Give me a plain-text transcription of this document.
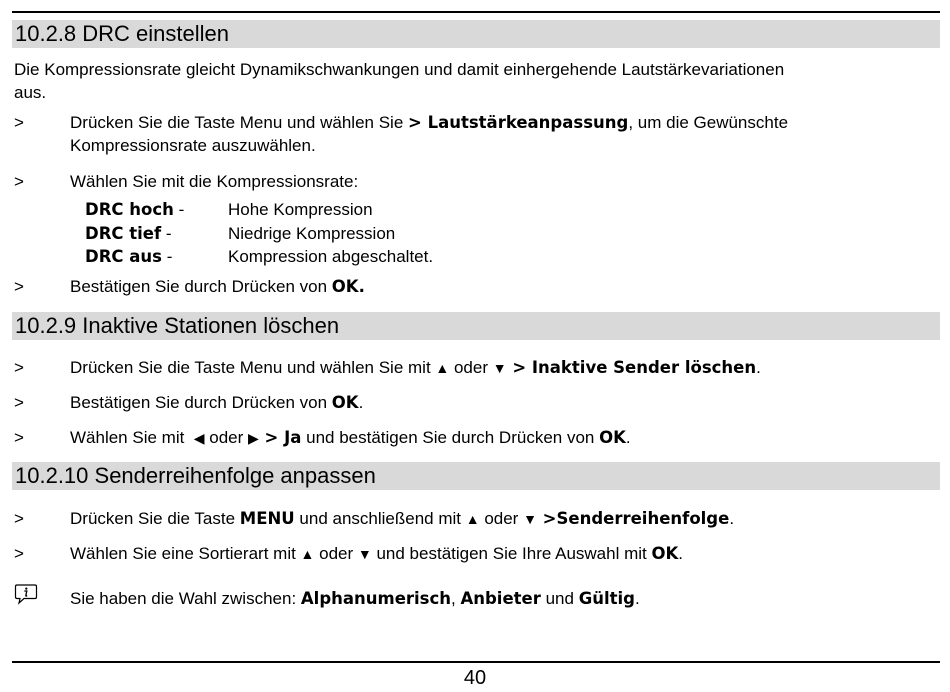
10.2.8 DRC einstellen
Die Kompressionsrate gleicht Dynamikschwankungen und damit einhergehende Lautstärkevariationen
aus.
>	Drücken Sie die Taste Menu und wählen Sie > Lautstärkeanpassung, um die Gewünschte
Kompressionsrate auszuwählen.
>	Wählen Sie mit die Kompressionsrate:
DRC hoch -	Hohe Kompression
DRC tief -	Niedrige Kompression
DRC aus -	Kompression abgeschaltet.
>	Bestätigen Sie durch Drücken von OK.
10.2.9 Inaktive Stationen löschen
>	Drücken Sie die Taste Menu und wählen Sie mit ▲ oder ▼ > Inaktive Sender löschen.
>	Bestätigen Sie durch Drücken von OK.
>	Wählen Sie mit  ◀ oder ▶ > Ja und bestätigen Sie durch Drücken von OK.
10.2.10 Senderreihenfolge anpassen
>	Drücken Sie die Taste MENU und anschließend mit ▲ oder ▼ >Senderreihenfolge.
>	Wählen Sie eine Sortierart mit ▲ oder ▼ und bestätigen Sie Ihre Auswahl mit OK.
Sie haben die Wahl zwischen: Alphanumerisch, Anbieter und Gültig.
40
